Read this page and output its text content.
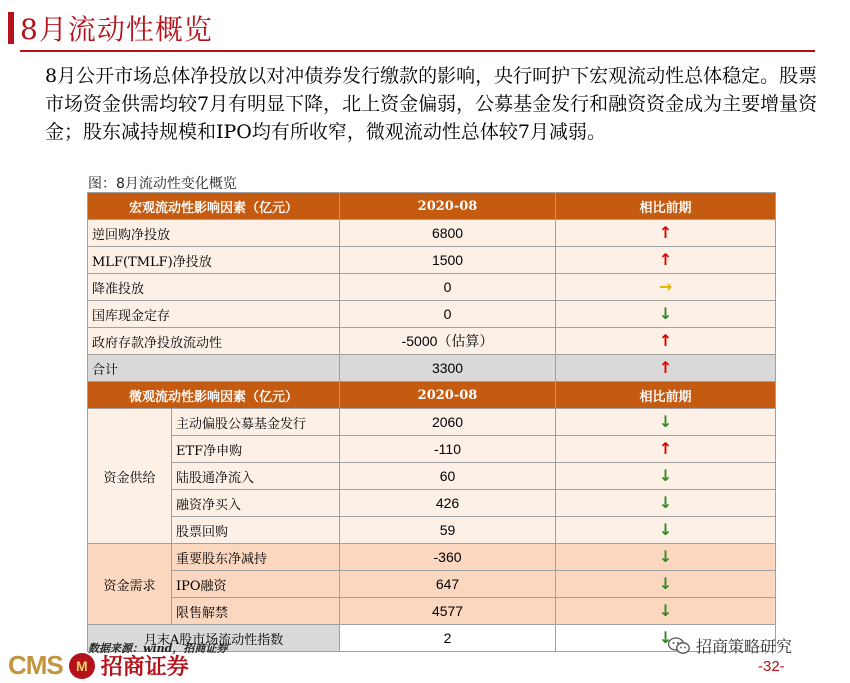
8月流动性概览
8月公开市场总体净投放以对冲债券发行缴款的影响，央行呵护下宏观流动性总体稳定。股票市场资金供需均较7月有明显下降，北上资金偏弱，公募基金发行和融资资金成为主要增量资金；股东减持规模和IPO均有所收窄，微观流动性总体较7月减弱。
图：8月流动性变化概览
宏观流动性影响因素（亿元）		2020-08	相比前期
逆回购净投放		6800	↑
MLF(TMLF)净投放		1500	↑
降准投放		0	→
国库现金定存		0	↓
政府存款净投放流动性		-5000（估算）	↑
合计		3300	↑
微观流动性影响因素（亿元）		2020-08	相比前期
资金供给	主动偏股公募基金发行	2060	↓
	ETF净申购	-110	↑
	陆股通净流入	60	↓
	融资净买入	426	↓
	股票回购	59	↓
资金需求	重要股东净减持	-360	↓
	IPO融资	647	↓
	限售解禁	4577	↓
月末A股市场流动性指数		2	↓
数据来源：wind，招商证券
CMS M 招商证券
招商策略研究
-32-
